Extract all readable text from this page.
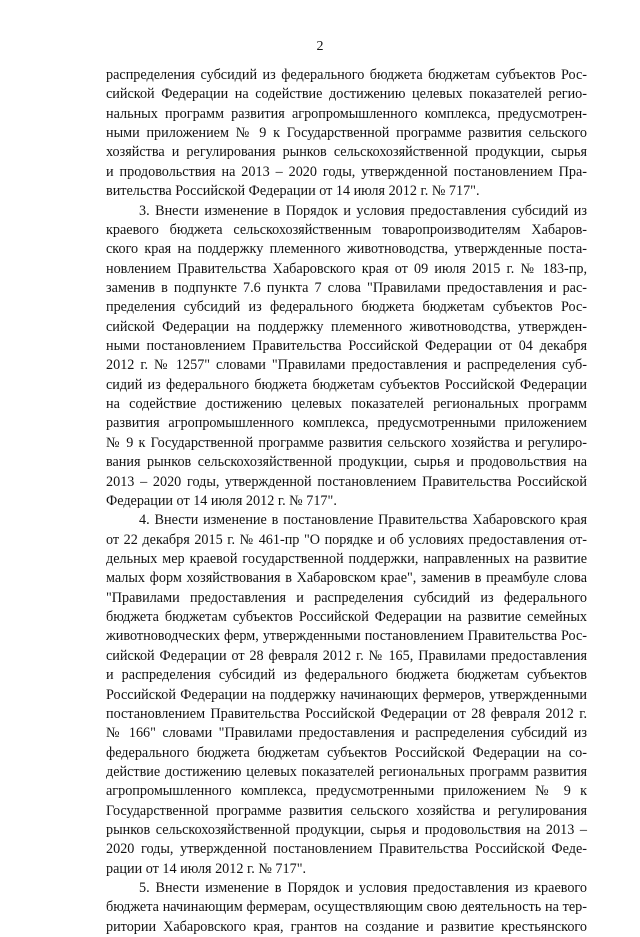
2
распределения субсидий из федерального бюджета бюджетам субъектов Рос-
сийской Федерации на содействие достижению целевых показателей регио-
нальных программ развития агропромышленного комплекса, предусмотрен-
ными приложением № 9 к Государственной программе развития сельского
хозяйства и регулирования рынков сельскохозяйственной продукции, сырья
и продовольствия на 2013 – 2020 годы, утвержденной постановлением Пра-
вительства Российской Федерации от 14 июля 2012 г. № 717".
3. Внести изменение в Порядок и условия предоставления субсидий из
краевого бюджета сельскохозяйственным товаропроизводителям Хабаров-
ского края на поддержку племенного животноводства, утвержденные поста-
новлением Правительства Хабаровского края от 09 июля 2015 г. № 183-пр,
заменив в подпункте 7.6 пункта 7 слова "Правилами предоставления и рас-
пределения субсидий из федерального бюджета бюджетам субъектов Рос-
сийской Федерации на поддержку племенного животноводства, утвержден-
ными постановлением Правительства Российской Федерации от 04 декабря
2012 г. № 1257" словами "Правилами предоставления и распределения суб-
сидий из федерального бюджета бюджетам субъектов Российской Федерации
на содействие достижению целевых показателей региональных программ
развития агропромышленного комплекса, предусмотренными приложением
№ 9 к Государственной программе развития сельского хозяйства и регулиро-
вания рынков сельскохозяйственной продукции, сырья и продовольствия на
2013 – 2020 годы, утвержденной постановлением Правительства Российской
Федерации от 14 июля 2012 г. № 717".
4. Внести изменение в постановление Правительства Хабаровского края
от 22 декабря 2015 г. № 461-пр "О порядке и об условиях предоставления от-
дельных мер краевой государственной поддержки, направленных на развитие
малых форм хозяйствования в Хабаровском крае", заменив в преамбуле слова
"Правилами предоставления и распределения субсидий из федерального
бюджета бюджетам субъектов Российской Федерации на развитие семейных
животноводческих ферм, утвержденными постановлением Правительства Рос-
сийской Федерации от 28 февраля 2012 г. № 165, Правилами предоставления
и распределения субсидий из федерального бюджета бюджетам субъектов
Российской Федерации на поддержку начинающих фермеров, утвержденными
постановлением Правительства Российской Федерации от 28 февраля 2012 г.
№ 166" словами "Правилами предоставления и распределения субсидий из
федерального бюджета бюджетам субъектов Российской Федерации на со-
действие достижению целевых показателей региональных программ развития
агропромышленного комплекса, предусмотренными приложением № 9 к
Государственной программе развития сельского хозяйства и регулирования
рынков сельскохозяйственной продукции, сырья и продовольствия на 2013 –
2020 годы, утвержденной постановлением Правительства Российской Феде-
рации от 14 июля 2012 г. № 717".
5. Внести изменение в Порядок и условия предоставления из краевого
бюджета начинающим фермерам, осуществляющим свою деятельность на тер-
ритории Хабаровского края, грантов на создание и развитие крестьянского
